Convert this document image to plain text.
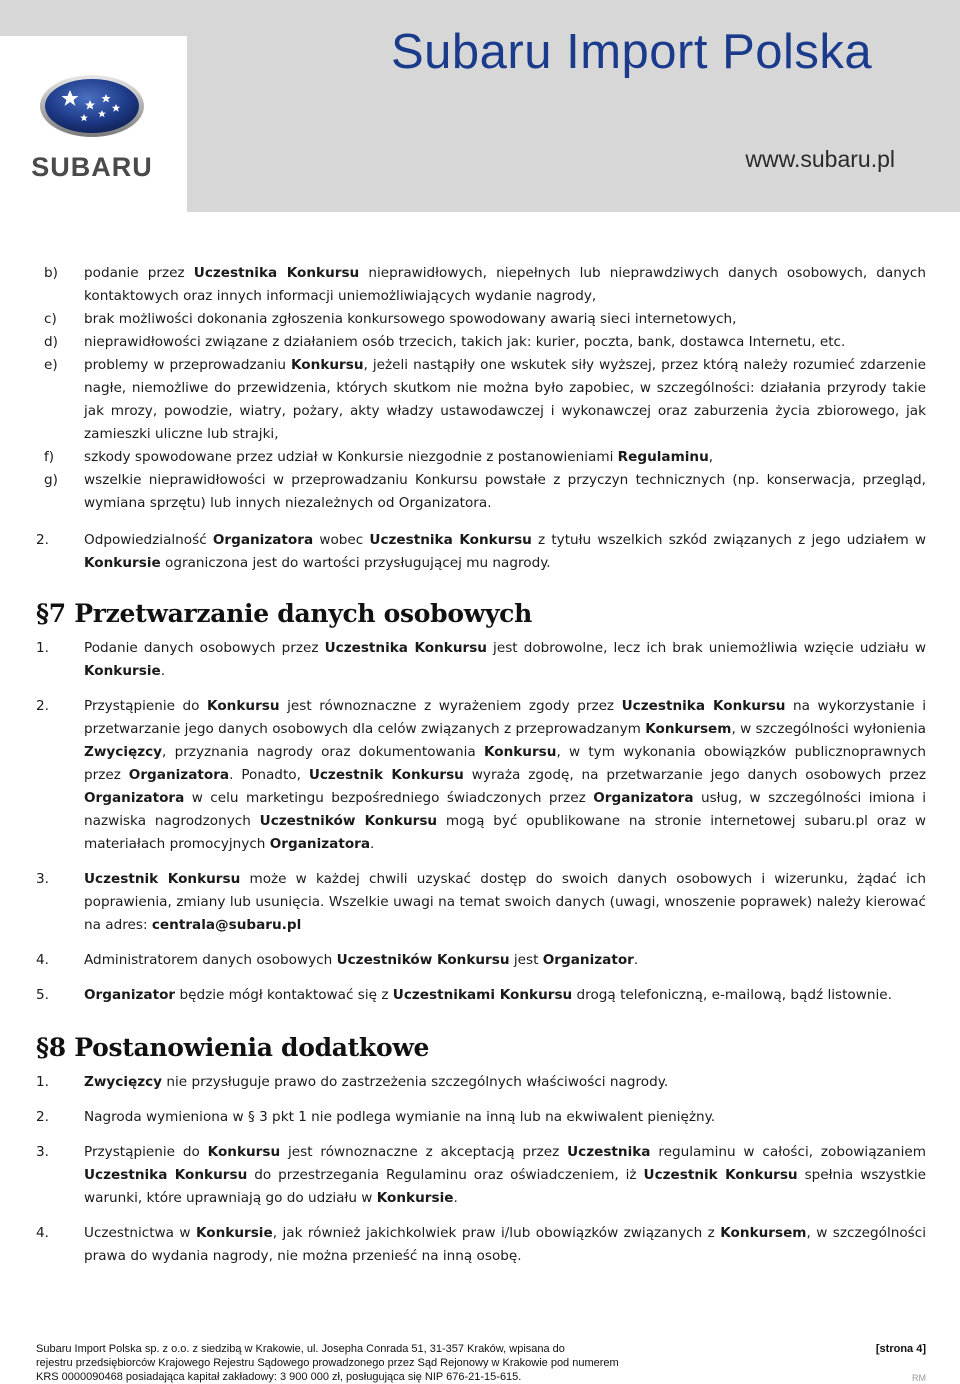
SUBARU
Subaru Import Polska
www.subaru.pl
b)	podanie przez Uczestnika Konkursu nieprawidłowych, niepełnych lub nieprawdziwych danych osobowych, danych kontaktowych oraz innych informacji uniemożliwiających wydanie nagrody,
c)	brak możliwości dokonania zgłoszenia konkursowego spowodowany awarią sieci internetowych,
d)	nieprawidłowości związane z działaniem osób trzecich, takich jak: kurier, poczta, bank, dostawca Internetu, etc.
e)	problemy w przeprowadzaniu Konkursu, jeżeli nastąpiły one wskutek siły wyższej, przez którą należy rozumieć zdarzenie nagłe, niemożliwe do przewidzenia, których skutkom nie można było zapobiec, w szczególności: działania przyrody takie jak mrozy, powodzie, wiatry, pożary, akty władzy ustawodawczej i wykonawczej oraz zaburzenia życia zbiorowego, jak zamieszki uliczne lub strajki,
f)	szkody spowodowane przez udział w Konkursie niezgodnie z postanowieniami Regulaminu,
g)	wszelkie nieprawidłowości w przeprowadzaniu Konkursu powstałe z przyczyn technicznych (np. konserwacja, przegląd, wymiana sprzętu) lub innych niezależnych od Organizatora.
2.	Odpowiedzialność Organizatora wobec Uczestnika Konkursu z tytułu wszelkich szkód związanych z jego udziałem w Konkursie ograniczona jest do wartości przysługującej mu nagrody.
§7 Przetwarzanie danych osobowych
1.	Podanie danych osobowych przez Uczestnika Konkursu jest dobrowolne, lecz ich brak uniemożliwia wzięcie udziału w Konkursie.
2.	Przystąpienie do Konkursu jest równoznaczne z wyrażeniem zgody przez Uczestnika Konkursu na wykorzystanie i przetwarzanie jego danych osobowych dla celów związanych z przeprowadzanym Konkursem, w szczególności wyłonienia Zwycięzcy, przyznania nagrody oraz dokumentowania Konkursu, w tym wykonania obowiązków publicznoprawnych przez Organizatora. Ponadto, Uczestnik Konkursu wyraża zgodę, na przetwarzanie jego danych osobowych przez Organizatora w celu marketingu bezpośredniego świadczonych przez Organizatora usług, w szczególności imiona i nazwiska nagrodzonych Uczestników Konkursu mogą być opublikowane na stronie internetowej subaru.pl oraz w materiałach promocyjnych Organizatora.
3.	Uczestnik Konkursu może w każdej chwili uzyskać dostęp do swoich danych osobowych i wizerunku, żądać ich poprawienia, zmiany lub usunięcia. Wszelkie uwagi na temat swoich danych (uwagi, wnoszenie poprawek) należy kierować na adres: centrala@subaru.pl
4.	Administratorem danych osobowych Uczestników Konkursu jest Organizator.
5.	Organizator będzie mógł kontaktować się z Uczestnikami Konkursu drogą telefoniczną, e-mailową, bądź listownie.
§8 Postanowienia dodatkowe
1.	Zwycięzcy nie przysługuje prawo do zastrzeżenia szczególnych właściwości nagrody.
2.	Nagroda wymieniona w § 3 pkt 1 nie podlega wymianie na inną lub na ekwiwalent pieniężny.
3.	Przystąpienie do Konkursu jest równoznaczne z akceptacją przez Uczestnika regulaminu w całości, zobowiązaniem Uczestnika Konkursu do przestrzegania Regulaminu oraz oświadczeniem, iż Uczestnik Konkursu spełnia wszystkie warunki, które uprawniają go do udziału w Konkursie.
4.	Uczestnictwa w Konkursie, jak również jakichkolwiek praw i/lub obowiązków związanych z Konkursem, w szczególności prawa do wydania nagrody, nie można przenieść na inną osobę.
Subaru Import Polska sp. z o.o. z siedzibą w Krakowie, ul. Josepha Conrada 51, 31-357 Kraków, wpisana do
rejestru przedsiębiorców Krajowego Rejestru Sądowego prowadzonego przez Sąd Rejonowy w Krakowie pod numerem
KRS 0000090468 posiadająca kapitał zakładowy: 3 900 000 zł, posługująca się NIP 676-21-15-615.
[strona 4]
RM
